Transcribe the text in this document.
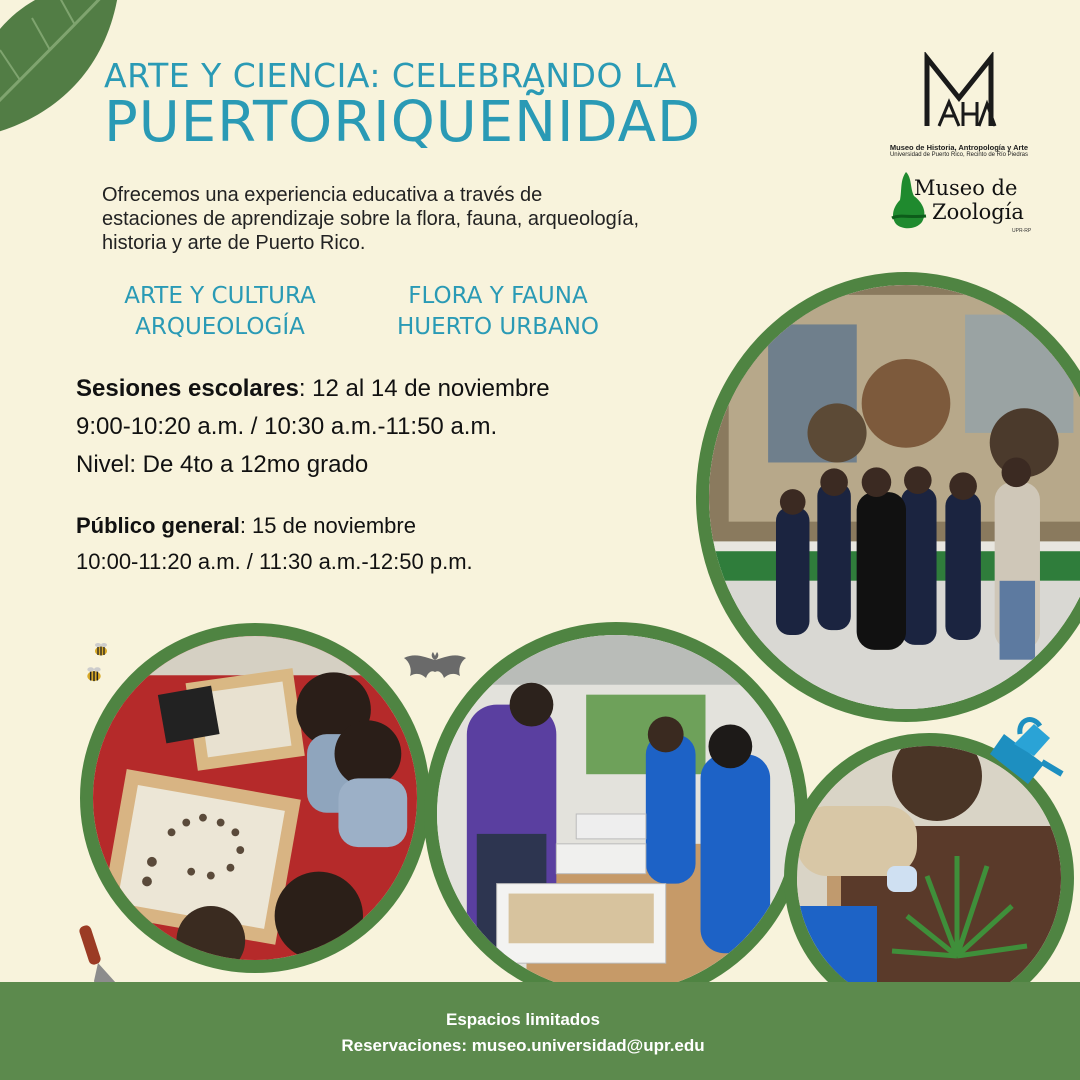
ARTE Y CIENCIA: CELEBRANDO LA
PUERTORIQUEÑIDAD
Ofrecemos una experiencia educativa a través de
estaciones de aprendizaje sobre la flora, fauna, arqueología,
historia y arte de Puerto Rico.
ARTE Y CULTURA
ARQUEOLOGÍA
FLORA Y FAUNA
HUERTO URBANO
Sesiones escolares: 12 al 14 de noviembre
9:00-10:20 a.m. / 10:30 a.m.-11:50 a.m.
Nivel: De 4to a 12mo grado
Público general: 15 de noviembre
10:00-11:20 a.m. / 11:30 a.m.-12:50 p.m.
Museo de Historia, Antropología y Arte
Universidad de Puerto Rico, Recinto de Río Piedras
Museo de
Zoología
UPR-RP
Espacios limitados
Reservaciones: museo.universidad@upr.edu
